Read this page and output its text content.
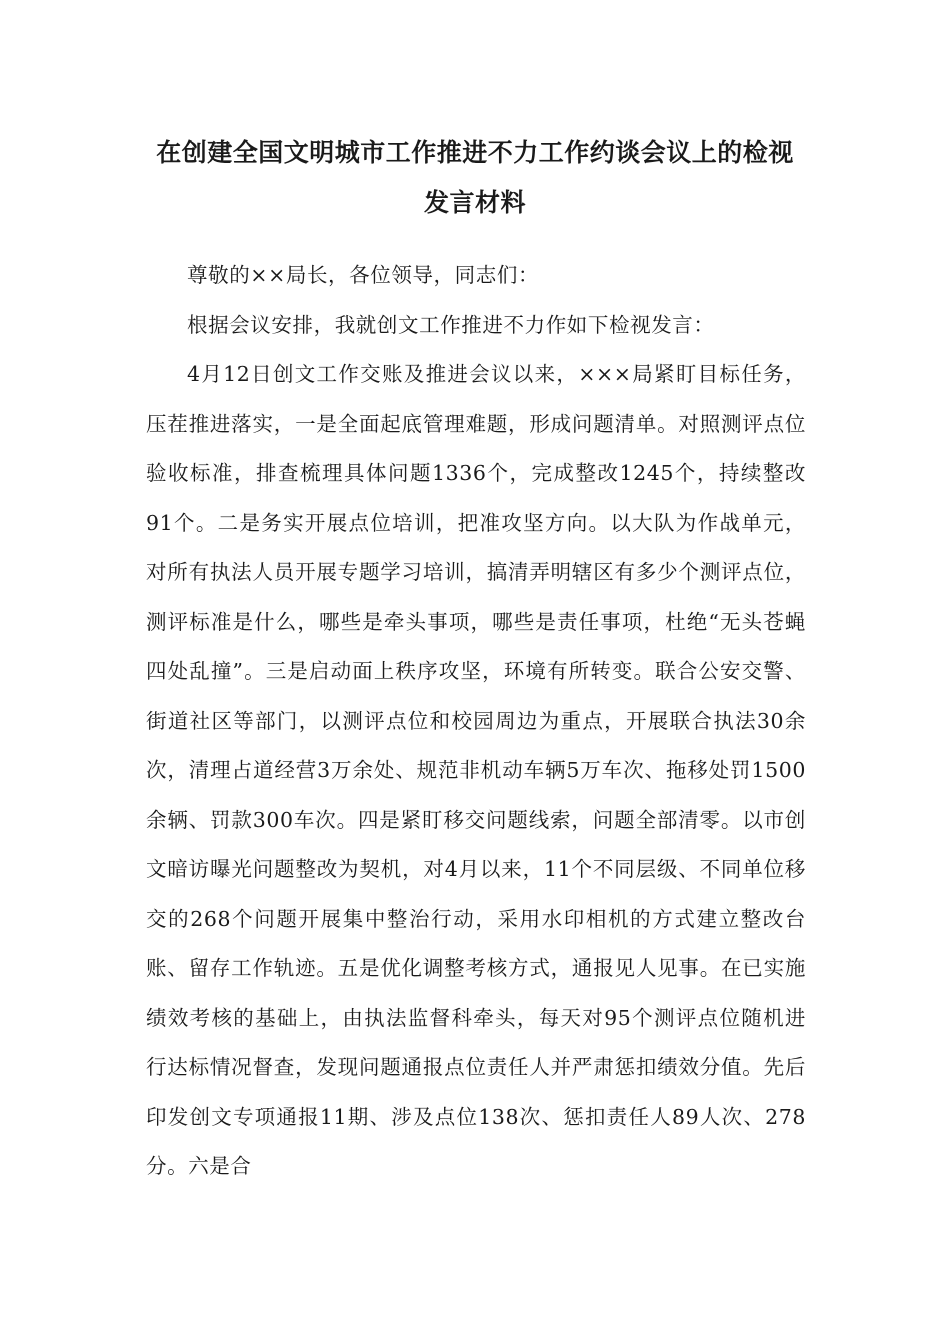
在创建全国文明城市工作推进不力工作约谈会议上的检视发言材料

尊敬的××局长，各位领导，同志们：

根据会议安排，我就创文工作推进不力作如下检视发言：

4月12日创文工作交账及推进会议以来，×××局紧盯目标任务，压茬推进落实，一是全面起底管理难题，形成问题清单。对照测评点位验收标准，排查梳理具体问题1336个，完成整改1245个，持续整改91个。二是务实开展点位培训，把准攻坚方向。以大队为作战单元，对所有执法人员开展专题学习培训，搞清弄明辖区有多少个测评点位，测评标准是什么，哪些是牵头事项，哪些是责任事项，杜绝“无头苍蝇四处乱撞”。三是启动面上秩序攻坚，环境有所转变。联合公安交警、街道社区等部门，以测评点位和校园周边为重点，开展联合执法30余次，清理占道经营3万余处、规范非机动车辆5万车次、拖移处罚1500余辆、罚款300车次。四是紧盯移交问题线索，问题全部清零。以市创文暗访曝光问题整改为契机，对4月以来，11个不同层级、不同单位移交的268个问题开展集中整治行动，采用水印相机的方式建立整改台账、留存工作轨迹。五是优化调整考核方式，通报见人见事。在已实施绩效考核的基础上，由执法监督科牵头，每天对95个测评点位随机进行达标情况督查，发现问题通报点位责任人并严肃惩扣绩效分值。先后印发创文专项通报11期、涉及点位138次、惩扣责任人89人次、278分。六是合
